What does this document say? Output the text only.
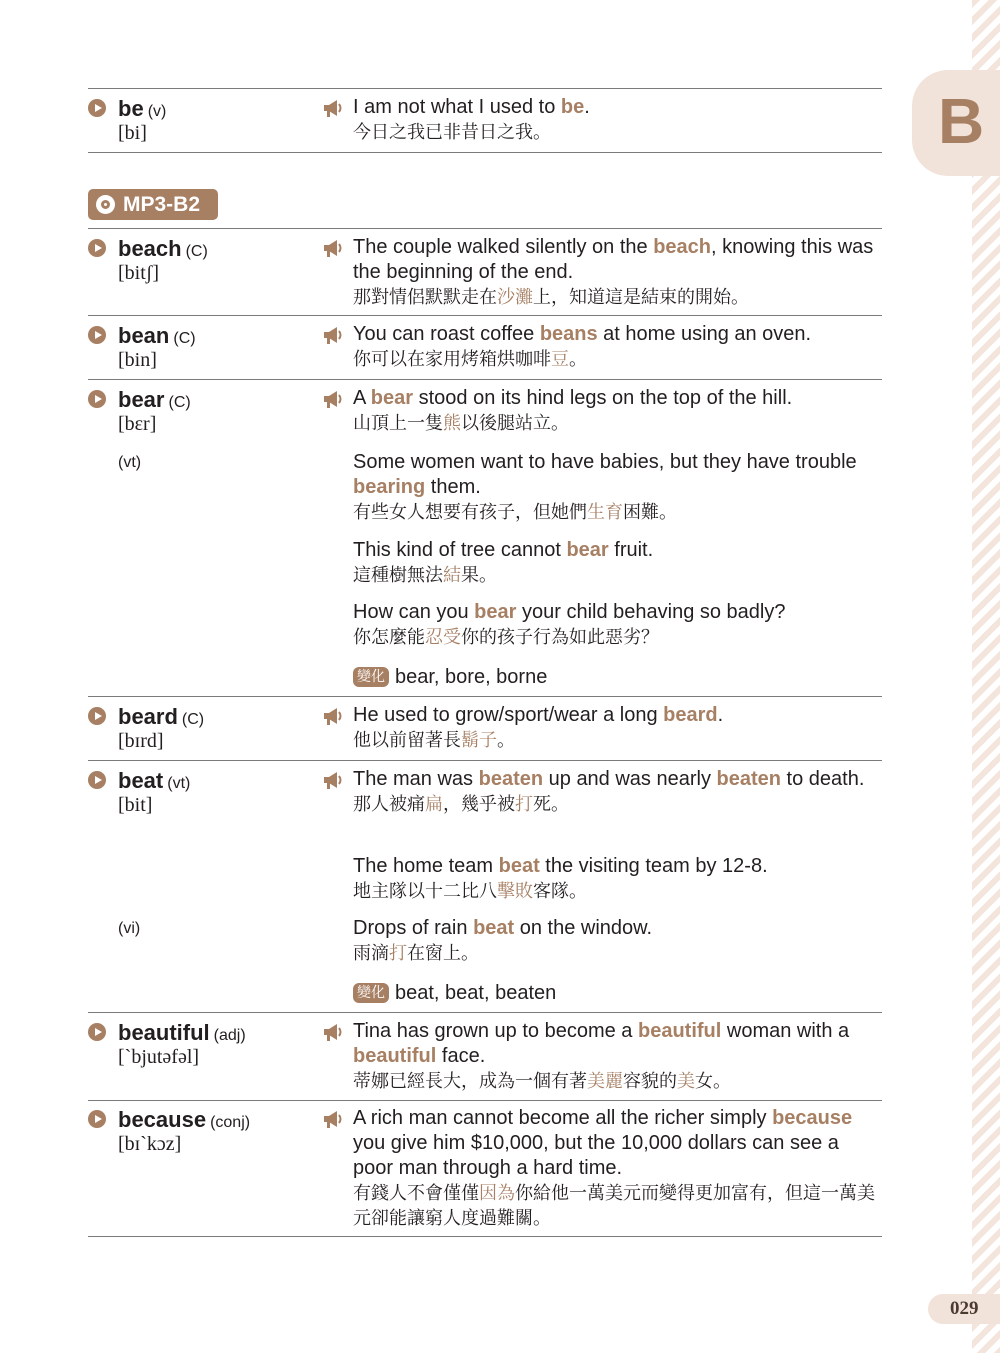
B
029
MP3-B2
be (v)
[bi]
I am not what I used to be.
今日之我已非昔日之我。
beach (C)
[bitʃ]
The couple walked silently on the beach, knowing this was the beginning of the end.
那對情侶默默走在沙灘上，知道這是結束的開始。
bean (C)
[bin]
You can roast coffee beans at home using an oven.
你可以在家用烤箱烘咖啡豆。
bear (C)
[bɛr]
(vt)
A bear stood on its hind legs on the top of the hill.
山頂上一隻熊以後腿站立。
Some women want to have babies, but they have trouble bearing them.
有些女人想要有孩子，但她們生育困難。
This kind of tree cannot bear fruit.
這種樹無法結果。
How can you bear your child behaving so badly?
你怎麼能忍受你的孩子行為如此惡劣？
變化 bear, bore, borne
beard (C)
[bɪrd]
He used to grow/sport/wear a long beard.
他以前留著長鬍子。
beat (vt)
[bit]
(vi)
The man was beaten up and was nearly beaten to death.
那人被痛扁，幾乎被打死。
The home team beat the visiting team by 12-8.
地主隊以十二比八擊敗客隊。
Drops of rain beat on the window.
雨滴打在窗上。
變化 beat, beat, beaten
beautiful (adj)
[ˋbjutəfəl]
Tina has grown up to become a beautiful woman with a beautiful face.
蒂娜已經長大，成為一個有著美麗容貌的美女。
because (conj)
[bɪˋkɔz]
A rich man cannot become all the richer simply because you give him $10,000, but the 10,000 dollars can see a poor man through a hard time.
有錢人不會僅僅因為你給他一萬美元而變得更加富有，但這一萬美元卻能讓窮人度過難關。
